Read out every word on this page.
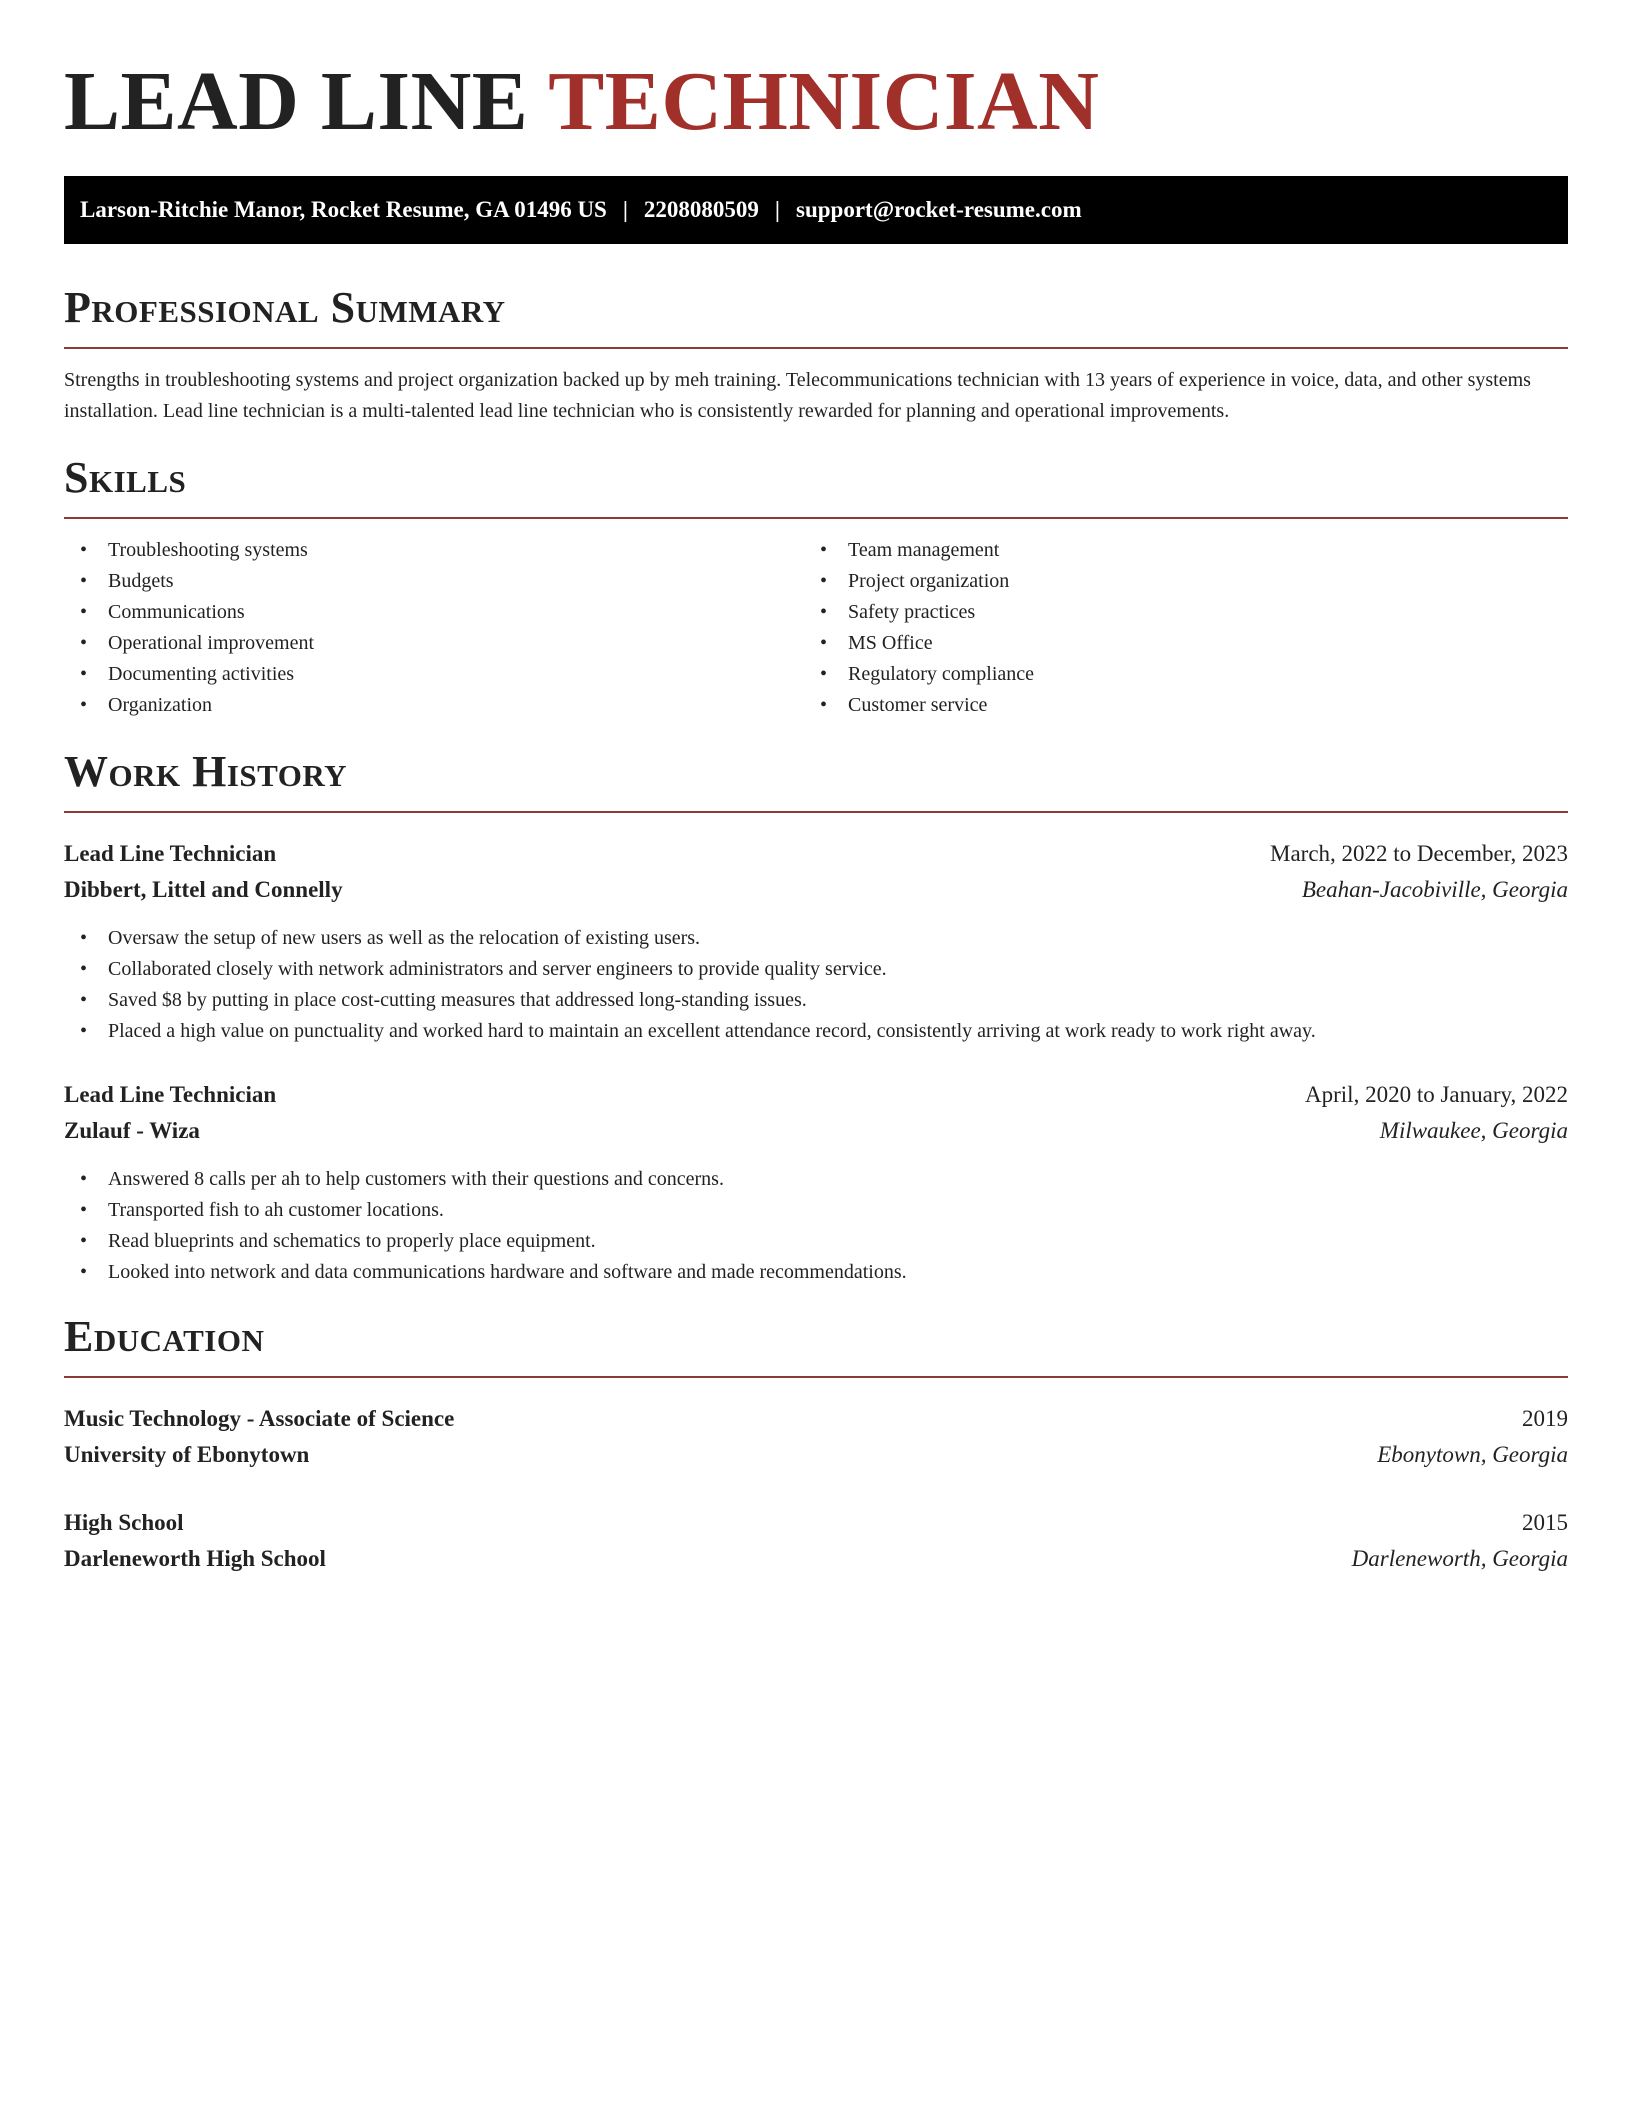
LEAD LINE TECHNICIAN
Larson-Ritchie Manor, Rocket Resume, GA 01496 US | 2208080509 | support@rocket-resume.com
Professional Summary

Strengths in troubleshooting systems and project organization backed up by meh training. Telecommunications technician with 13 years of experience in voice, data, and other systems installation. Lead line technician is a multi-talented lead line technician who is consistently rewarded for planning and operational improvements.

Skills
• Troubleshooting systems
• Budgets
• Communications
• Operational improvement
• Documenting activities
• Organization
• Team management
• Project organization
• Safety practices
• MS Office
• Regulatory compliance
• Customer service
Work History
Lead Line Technician	March, 2022 to December, 2023
Dibbert, Littel and Connelly	Beahan-Jacobiville, Georgia
• Oversaw the setup of new users as well as the relocation of existing users.
• Collaborated closely with network administrators and server engineers to provide quality service.
• Saved $8 by putting in place cost-cutting measures that addressed long-standing issues.
• Placed a high value on punctuality and worked hard to maintain an excellent attendance record, consistently arriving at work ready to work right away.
Lead Line Technician	April, 2020 to January, 2022
Zulauf - Wiza	Milwaukee, Georgia
• Answered 8 calls per ah to help customers with their questions and concerns.
• Transported fish to ah customer locations.
• Read blueprints and schematics to properly place equipment.
• Looked into network and data communications hardware and software and made recommendations.
Education
Music Technology - Associate of Science	2019
University of Ebonytown	Ebonytown, Georgia
High School	2015
Darleneworth High School	Darleneworth, Georgia
